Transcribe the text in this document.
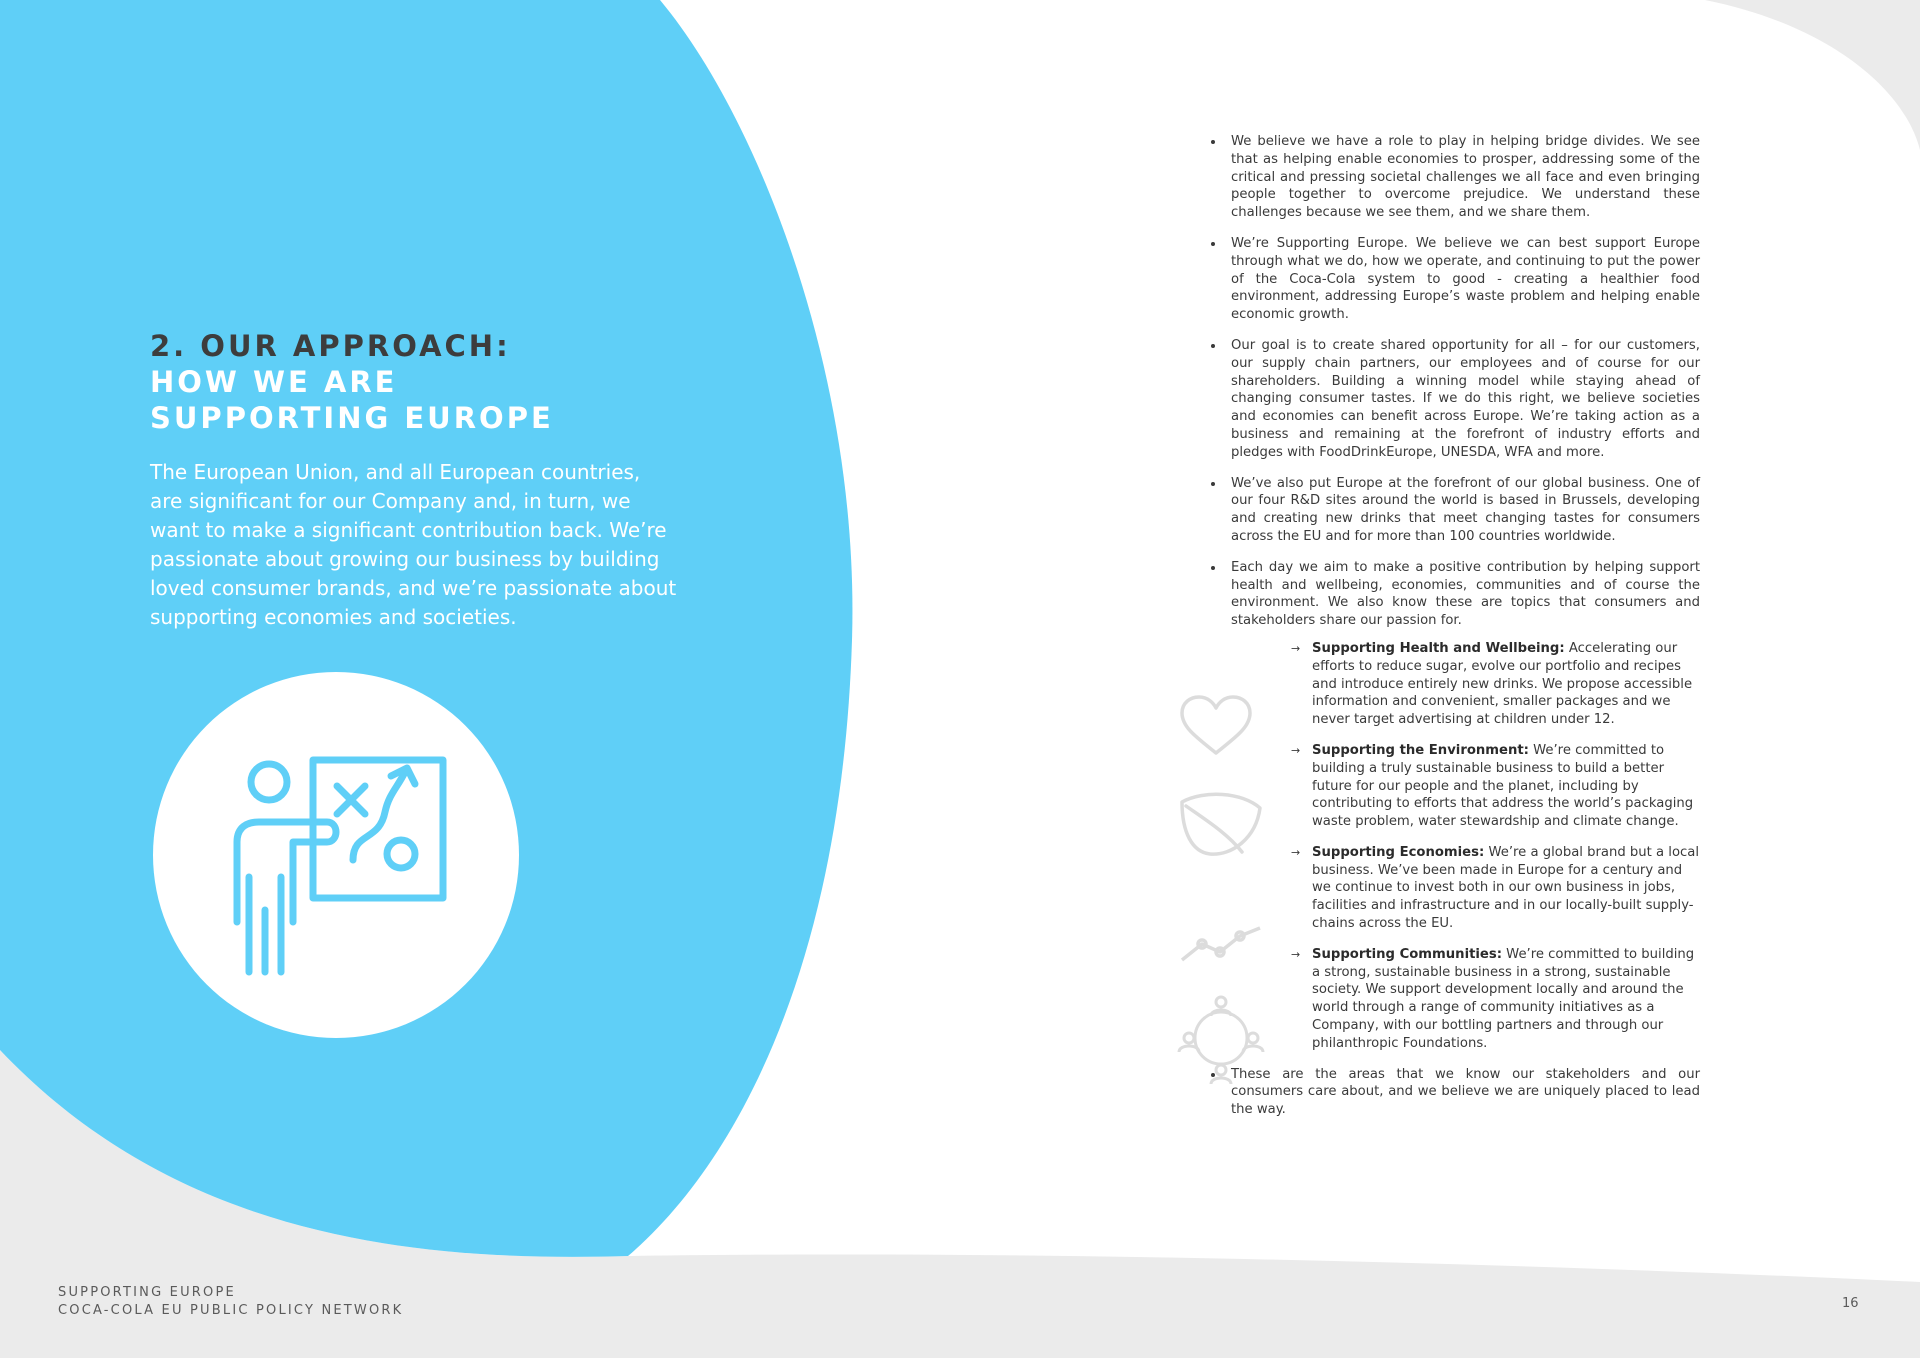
2. OUR APPROACH:
HOW WE ARE
SUPPORTING EUROPE

The European Union, and all European countries,
are significant for our Company and, in turn, we
want to make a significant contribution back. We’re
passionate about growing our business by building
loved consumer brands, and we’re passionate about
supporting economies and societies.

We believe we have a role to play in helping bridge divides. We see that as helping enable economies to prosper, addressing some of the critical and pressing societal challenges we all face and even bringing people together to overcome prejudice. We understand these challenges because we see them, and we share them.
We’re Supporting Europe. We believe we can best support Europe through what we do, how we operate, and continuing to put the power of the Coca-Cola system to good - creating a healthier food environment, addressing Europe’s waste problem and helping enable economic growth.
Our goal is to create shared opportunity for all – for our customers, our supply chain partners, our employees and of course for our shareholders. Building a winning model while staying ahead of changing consumer tastes. If we do this right, we believe societies and economies can benefit across Europe. We’re taking action as a business and remaining at the forefront of industry efforts and pledges with FoodDrinkEurope, UNESDA, WFA and more.
We’ve also put Europe at the forefront of our global business. One of our four R&D sites around the world is based in Brussels, developing and creating new drinks that meet changing tastes for consumers across the EU and for more than 100 countries worldwide.
Each day we aim to make a positive contribution by helping support health and wellbeing, economies, communities and of course the environment. We also know these are topics that consumers and stakeholders share our passion for.
→ Supporting Health and Wellbeing: Accelerating our efforts to reduce sugar, evolve our portfolio and recipes and introduce entirely new drinks. We propose accessible information and convenient, smaller packages and we never target advertising at children under 12.
→ Supporting the Environment: We’re committed to building a truly sustainable business to build a better future for our people and the planet, including by contributing to efforts that address the world’s packaging waste problem, water stewardship and climate change.
→ Supporting Economies: We’re a global brand but a local business. We’ve been made in Europe for a century and we continue to invest both in our own business in jobs, facilities and infrastructure and in our locally-built supply-chains across the EU.
→ Supporting Communities: We’re committed to building a strong, sustainable business in a strong, sustainable society. We support development locally and around the world through a range of community initiatives as a Company, with our bottling partners and through our philanthropic Foundations.
These are the areas that we know our stakeholders and our consumers care about, and we believe we are uniquely placed to lead the way.
SUPPORTING EUROPE
COCA-COLA EU PUBLIC POLICY NETWORK	16
